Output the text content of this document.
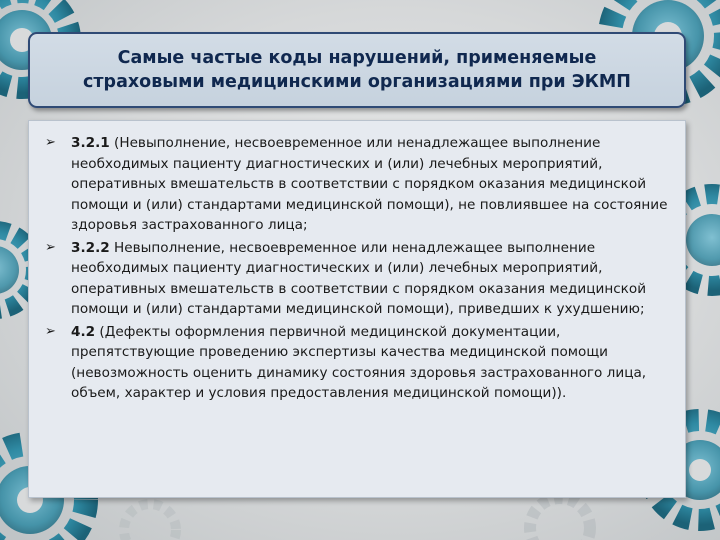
Самые частые коды нарушений, применяемые
страховыми медицинскими организациями при ЭКМП
➢ 3.2.1 (Невыполнение, несвоевременное или ненадлежащее выполнение необходимых пациенту диагностических и (или) лечебных мероприятий, оперативных вмешательств в соответствии с порядком оказания медицинской помощи и (или) стандартами медицинской помощи), не повлиявшее на состояние здоровья застрахованного лица;
➢ 3.2.2 Невыполнение, несвоевременное или ненадлежащее выполнение необходимых пациенту диагностических и (или) лечебных мероприятий, оперативных вмешательств в соответствии с порядком оказания медицинской помощи и (или) стандартами медицинской помощи), приведших к ухудшению;
➢ 4.2 (Дефекты оформления первичной медицинской документации, препятствующие проведению экспертизы качества медицинской помощи (невозможность оценить динамику состояния здоровья застрахованного лица, объем, характер и условия предоставления медицинской помощи)).
